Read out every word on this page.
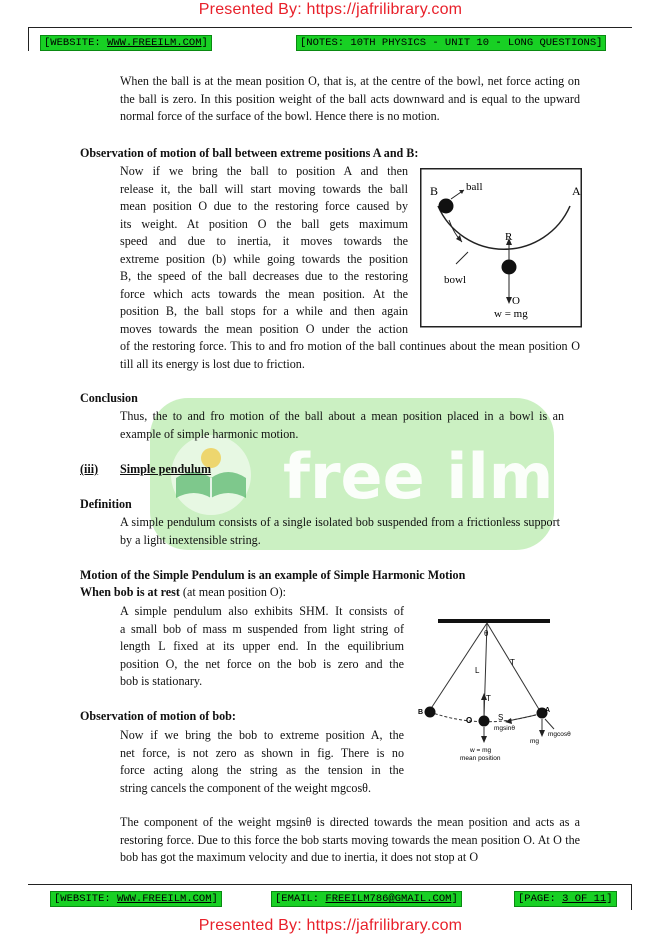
Presented By: https://jafrilibrary.com
[WEBSITE: WWW.FREEILM.COM]	[NOTES: 10TH PHYSICS - UNIT 10 - LONG QUESTIONS]
free ilm.

When the ball is at the mean position O, that is, at the centre of the bowl, net force acting on the ball is zero. In this position weight of the ball acts downward and is equal to the upward normal force of the surface of the bowl. Hence there is no motion.

Observation of motion of ball between extreme positions A and B:

Now if we bring the ball to position A and then

release it, the ball will start moving towards the ball

mean position O due to the restoring force caused by

its weight. At position O the ball gets maximum

speed and due to inertia, it moves towards the

extreme position (b) while going towards the position

B, the speed of the ball decreases due to the restoring

force which acts towards the mean position. At the

position B, the ball stops for a while and then again

moves towards the mean position O under the action

of the restoring force. This to and fro motion of the ball continues about the mean position O till all its energy is lost due to friction.

B	A
ball
R
bowl
O
w = mg

Conclusion

Thus, the to and fro motion of the ball about a mean position placed in a bowl is an example of simple harmonic motion.

(iii) Simple pendulum

Definition

A simple pendulum consists of a single isolated bob suspended from a frictionless support by a light inextensible string.

Motion of the Simple Pendulum is an example of Simple Harmonic Motion

When bob is at rest (at mean position O):

A simple pendulum also exhibits SHM. It consists of

a small bob of mass m suspended from light string of

length L fixed at its upper end. In the equilibrium

position O, the net force on the bob is zero and the

bob is stationary.

Observation of motion of bob:

Now if we bring the bob to extreme position A, the

net force, is not zero as shown in fig. There is no

force acting along the string as the tension in the

string cancels the component of the weight mgcosθ.

θ
L
T
T
B
O	S
A
mgsinθ
mgcosθ
mg
w = mg
mean position

The component of the weight mgsinθ is directed towards the mean position and acts as a restoring force. Due to this force the bob starts moving towards the mean position O. At O the bob has got the maximum velocity and due to inertia, it does not stop at O

[WEBSITE: WWW.FREEILM.COM]	[EMAIL: FREEILM786@GMAIL.COM]	[PAGE: 3 OF 11]
Presented By: https://jafrilibrary.com
